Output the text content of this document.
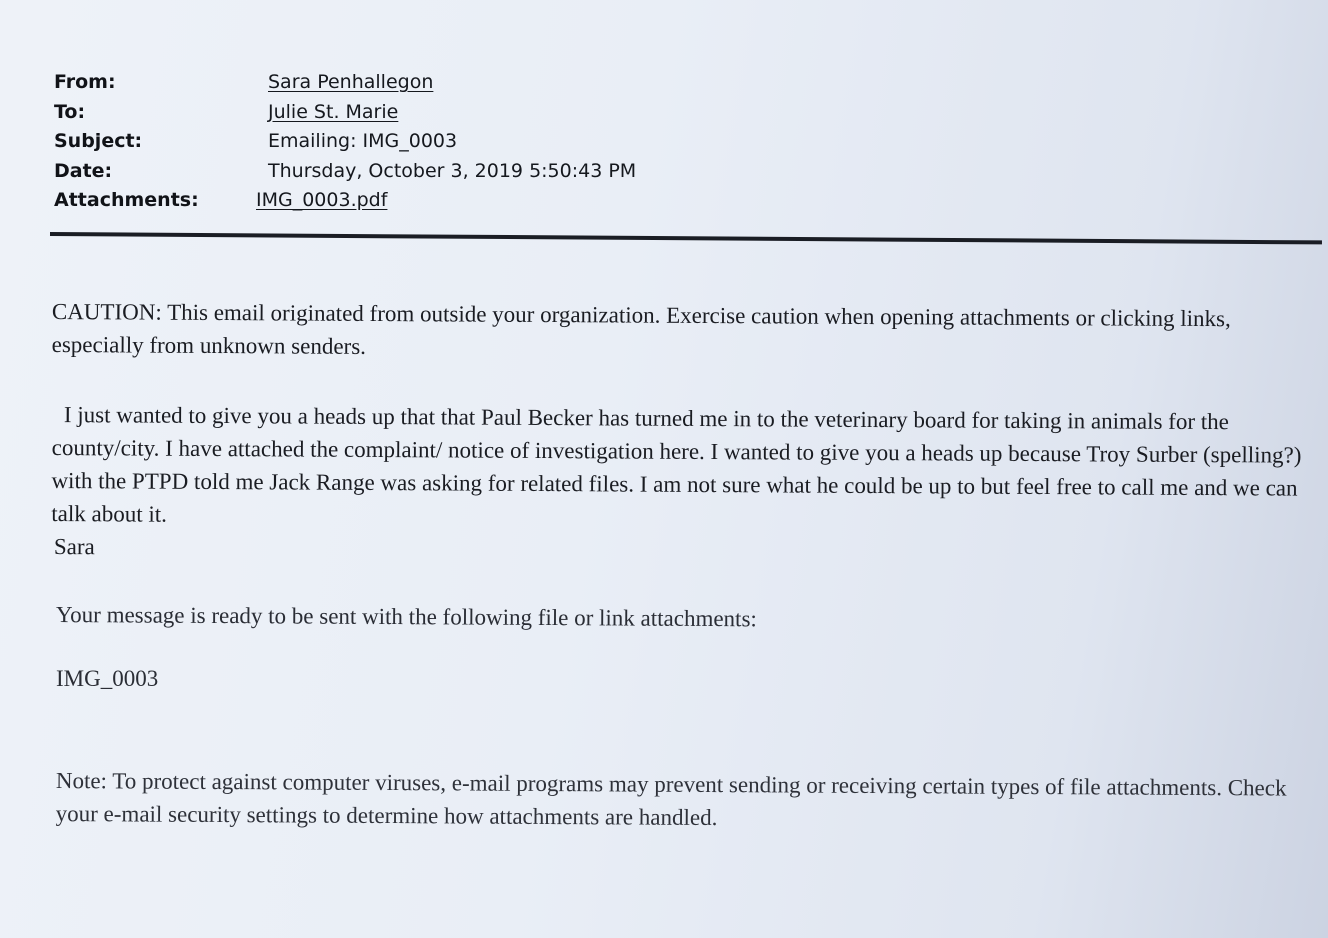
From:	Sara Penhallegon
To:	Julie St. Marie
Subject:	Emailing: IMG_0003
Date:	Thursday, October 3, 2019 5:50:43 PM
Attachments:	IMG_0003.pdf
CAUTION: This email originated from outside your organization. Exercise caution when opening attachments or clicking links, especially from unknown senders.

I just wanted to give you a heads up that that Paul Becker has turned me in to the veterinary board for taking in animals for the county/city. I have attached the complaint/ notice of investigation here. I wanted to give you a heads up because Troy Surber (spelling?) with the PTPD told me Jack Range was asking for related files. I am not sure what he could be up to but feel free to call me and we can talk about it.

Sara
Your message is ready to be sent with the following file or link attachments:
IMG_0003
Note: To protect against computer viruses, e-mail programs may prevent sending or receiving certain types of file attachments. Check your e-mail security settings to determine how attachments are handled.
